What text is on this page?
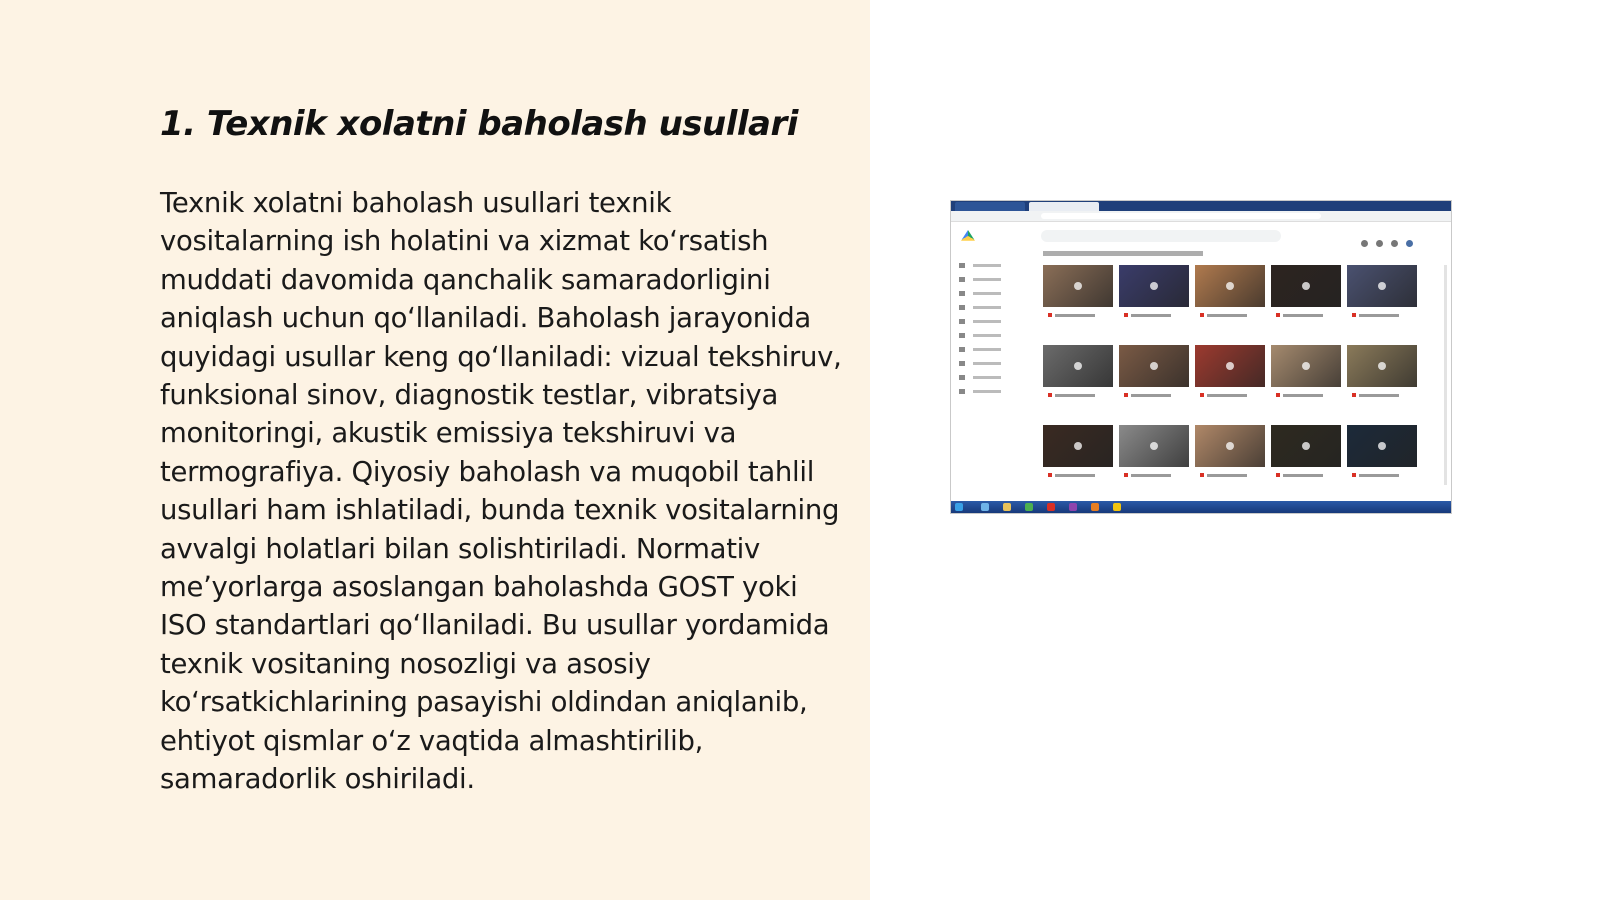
1. Texnik xolatni baholash usullari

Texnik xolatni baholash usullari texnik vositalarning ish holatini va xizmat koʻrsatish muddati davomida qanchalik samaradorligini aniqlash uchun qoʻllaniladi. Baholash jarayonida quyidagi usullar keng qoʻllaniladi: vizual tekshiruv, funksional sinov, diagnostik testlar, vibratsiya monitoringi, akustik emissiya tekshiruvi va termografiya. Qiyosiy baholash va muqobil tahlil usullari ham ishlatiladi, bunda texnik vositalarning avvalgi holatlari bilan solishtiriladi. Normativ meʼyorlarga asoslangan baholashda GOST yoki ISO standartlari qoʻllaniladi. Bu usullar yordamida texnik vositaning nosozligi va asosiy koʻrsatkichlarining pasayishi oldindan aniqlanib, ehtiyot qismlar oʻz vaqtida almashtirilib, samaradorlik oshiriladi.
